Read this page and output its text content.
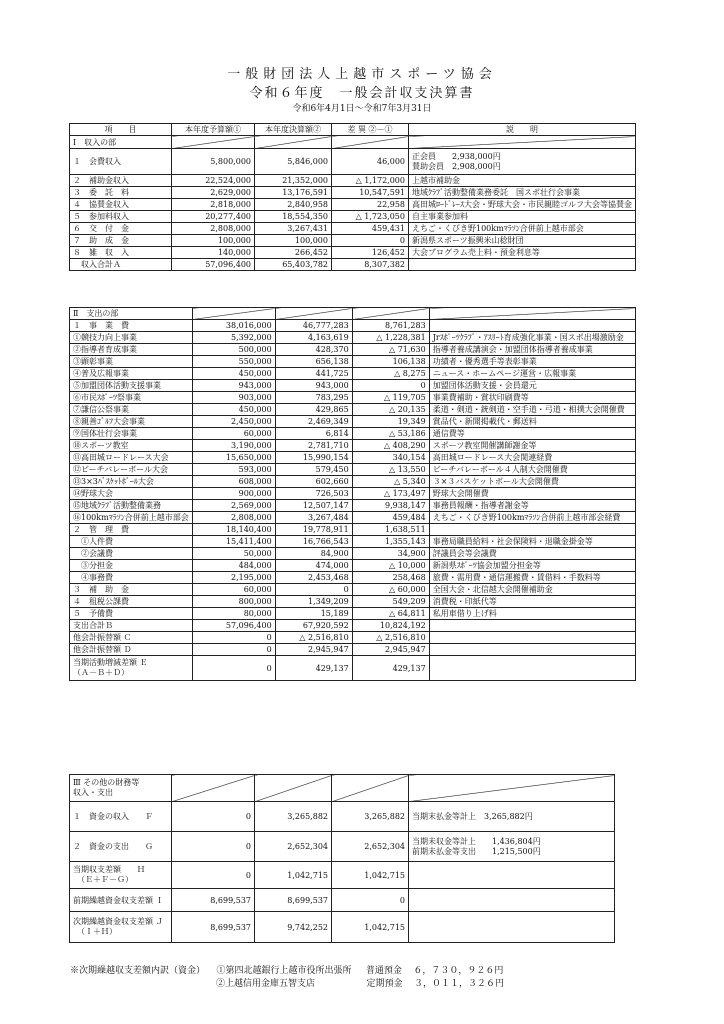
一般財団法人上越市スポーツ協会
令和６年度　一般会計収支決算書
令和6年4月1日～令和7年3月31日
項　　目	本年度予算額①	本年度決算額②	差 異 ②－①	説　　明
Ⅰ　収入の部				
１　会費収入	5,800,000	5,846,000	46,000	正会員　　2,938,000円
賛助会員　2,908,000円
２　補助金収入	22,524,000	21,352,000	△ 1,172,000	上越市補助金
３　委　託　料	2,629,000	13,176,591	10,547,591	地域ｸﾗﾌﾞ活動整備業務委託　国スポ壮行会事業
４　協賛金収入	2,818,000	2,840,958	22,958	高田城ﾛｰﾄﾞﾚｰｽ大会・野球大会・市民親睦ゴルフ大会等協賛金
５　参加料収入	20,277,400	18,554,350	△ 1,723,050	自主事業参加料
６　交　付　金	2,808,000	3,267,431	459,431	えちご・くびき野100kmﾏﾗｿﾝ合併前上越市部会
７　助　成　金	100,000	100,000	0	新潟県スポーツ振興米山稔財団
８　雑　収　入	140,000	266,452	126,452	大会プログラム売上料・預金利息等
　収入合計Ａ	57,096,400	65,403,782	8,307,382	
Ⅱ　支出の部				
１　事　業　費	38,016,000	46,777,283	8,761,283	
①競技力向上事業	5,392,000	4,163,619	△ 1,228,381	Jrｽﾎﾟｰﾂｸﾗﾌﾞ・ｱｽﾘｰﾄ育成強化事業・国スポ出場激励金
②指導者育成事業	500,000	428,370	△ 71,630	指導者養成講演会・加盟団体指導者養成事業
③顕彰事業	550,000	656,138	106,138	功績者・優秀選手等表彰事業
④普及広報事業	450,000	441,725	△ 8,275	ニュース・ホームページ運営・広報事業
⑤加盟団体活動支援事業	943,000	943,000	0	加盟団体活動支援・会員還元
⑥市民ｽﾎﾟｰﾂ祭事業	903,000	783,295	△ 119,705	事業費補助・賞状印刷費等
⑦謙信公祭事業	450,000	429,865	△ 20,135	柔道・剣道・銃剣道・空手道・弓道・相撲大会開催費
⑧親善ｺﾞﾙﾌ大会事業	2,450,000	2,469,349	19,349	賞品代・新聞掲載代・郵送料
⑨国体壮行会事業	60,000	6,814	△ 53,186	通信費等
⑩スポーツ教室	3,190,000	2,781,710	△ 408,290	スポーツ教室開催講師謝金等
⑪高田城ロードレース大会	15,650,000	15,990,154	340,154	高田城ロードレース大会関連経費
⑫ビーチバレーボール大会	593,000	579,450	△ 13,550	ビーチバレーボール４人制大会開催費
⑬3×3ﾊﾞｽｹｯﾄﾎﾞｰﾙ大会	608,000	602,660	△ 5,340	３×３バスケットボール大会開催費
⑭野球大会	900,000	726,503	△ 173,497	野球大会開催費
⑮地域ｸﾗﾌﾞ活動整備業務	2,569,000	12,507,147	9,938,147	事務員報酬・指導者謝金等
⑯100kmﾏﾗｿﾝ合併前上越市部会	2,808,000	3,267,484	459,484	えちご・くびき野100kmﾏﾗｿﾝ合併前上越市部会経費
２　管　理　費	18,140,400	19,778,911	1,638,511	
　①人件費	15,411,400	16,766,543	1,355,143	事務局職員給料・社会保険料・退職金掛金等
　②会議費	50,000	84,900	34,900	評議員会等会議費
　③分担金	484,000	474,000	△ 10,000	新潟県ｽﾎﾟｰﾂ協会加盟分担金等
　④事務費	2,195,000	2,453,468	258,468	旅費・需用費・通信運搬費・賃借料・手数料等
３　補　助　金	60,000	0	△ 60,000	全国大会・北信越大会開催補助金
４　租税公課費	800,000	1,349,209	549,209	消費税・印紙代等
５　予備費	80,000	15,189	△ 64,811	私用車借り上げ料
支出合計Ｂ	57,096,400	67,920,592	10,824,192	
他会計振替額 Ｃ	0	△ 2,516,810	△ 2,516,810	
他会計振替額 Ｄ	0	2,945,947	2,945,947	
当期活動増減差額 Ｅ
（Ａ－Ｂ＋Ｄ）	0	429,137	429,137	
Ⅲ その他の財務等
収入・支出				
１　資金の収入　　Ｆ	0	3,265,882	3,265,882	当期末払金等計上　3,265,882円
２　資金の支出　　Ｇ	0	2,652,304	2,652,304	当期未収金等計上　　1,436,804円
前期未払金等支出　　1,215,500円
当期収支差額　　Ｈ
　（Ｅ＋Ｆ－Ｇ）	0	1,042,715	1,042,715	
前期繰越資金収支差額 Ｉ	8,699,537	8,699,537	0	
次期繰越資金収支差額 Ｊ
　（Ｉ＋Ｈ）	8,699,537	9,742,252	1,042,715	
※次期繰越収支差額内訳（資金） ①第四北越銀行上越市役所出張所 普通預金 ６，７３０，９２６円
②上越信用金庫五智支店	定期預金 ３，０１１，３２６円
